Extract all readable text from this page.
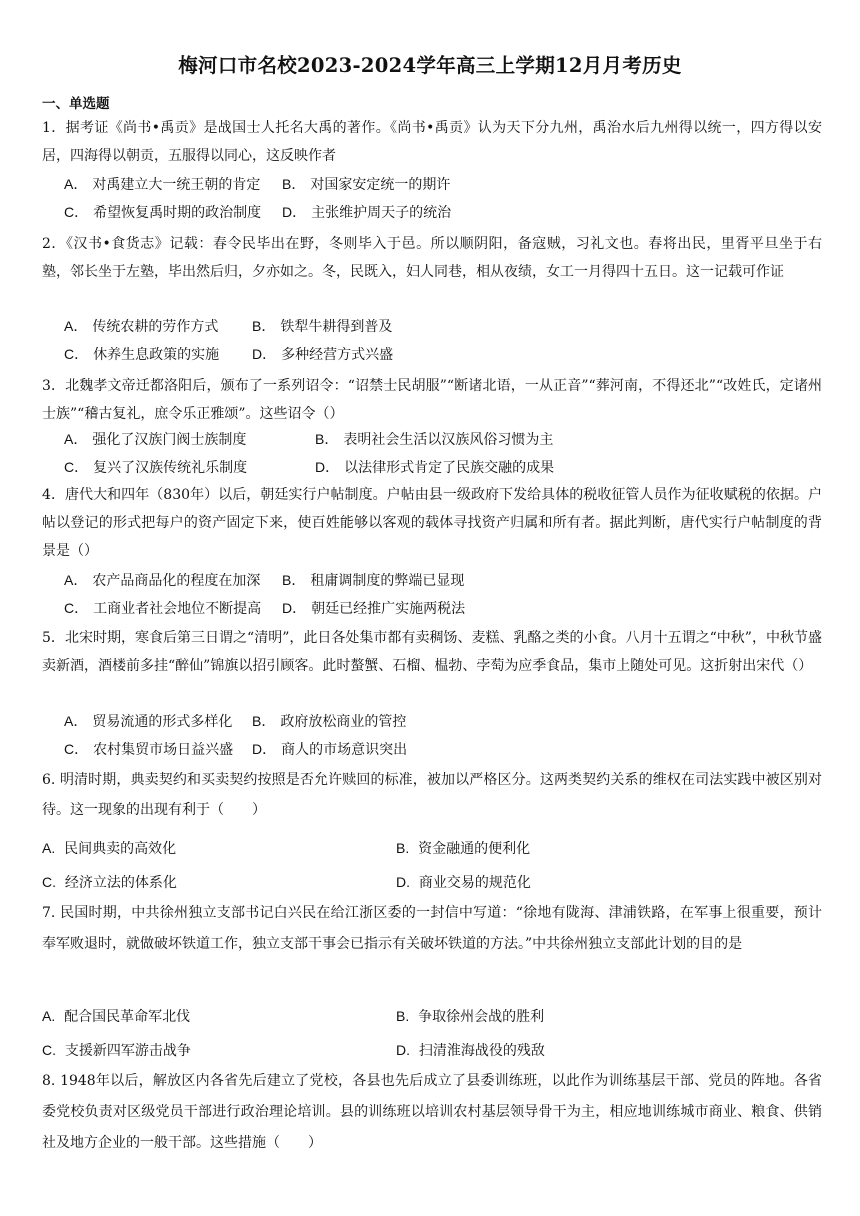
梅河口市名校2023-2024学年高三上学期12月月考历史
一、单选题
1．据考证《尚书•禹贡》是战国士人托名大禹的著作。《尚书•禹贡》认为天下分九州，禹治水后九州得以统一，四方得以安居，四海得以朝贡，五服得以同心，这反映作者
A． 对禹建立大一统王朝的肯定 B． 对国家安定统一的期许
C． 希望恢复禹时期的政治制度 D． 主张维护周天子的统治
2．《汉书•食货志》记载：春令民毕出在野，冬则毕入于邑。所以顺阴阳，备寇贼，习礼文也。春将出民，里胥平旦坐于右塾，邻长坐于左塾，毕出然后归，夕亦如之。冬，民既入，妇人同巷，相从夜绩，女工一月得四十五日。这一记载可作证
A． 传统农耕的劳作方式 B． 铁犁牛耕得到普及
C． 休养生息政策的实施 D． 多种经营方式兴盛
3．北魏孝文帝迁都洛阳后，颁布了一系列诏令：“诏禁士民胡服”“断诸北语，一从正音”“葬河南，不得还北”“改姓氏，定诸州士族”“稽古复礼，庶令乐正雅颂”。这些诏令（）
A． 强化了汉族门阀士族制度	B． 表明社会生活以汉族风俗习惯为主
C． 复兴了汉族传统礼乐制度	D． 以法律形式肯定了民族交融的成果
4．唐代大和四年（830年）以后，朝廷实行户帖制度。户帖由县一级政府下发给具体的税收征管人员作为征收赋税的依据。户帖以登记的形式把每户的资产固定下来，使百姓能够以客观的载体寻找资产归属和所有者。据此判断，唐代实行户帖制度的背景是（）
A． 农产品商品化的程度在加深 B． 租庸调制度的弊端已显现
C． 工商业者社会地位不断提高 D． 朝廷已经推广实施两税法
5．北宋时期，寒食后第三日谓之“清明”，此日各处集市都有卖稠饧、麦糕、乳酪之类的小食。八月十五谓之“中秋”，中秋节盛卖新酒，酒楼前多挂“醉仙”锦旗以招引顾客。此时螯蟹、石榴、榅勃、孛萄为应季食品，集市上随处可见。这折射出宋代（）
A． 贸易流通的形式多样化 B． 政府放松商业的管控
C． 农村集贸市场日益兴盛 D． 商人的市场意识突出
6. 明清时期，典卖契约和买卖契约按照是否允许赎回的标准，被加以严格区分。这两类契约关系的维权在司法实践中被区别对待。这一现象的出现有利于（　　）
A. 民间典卖的高效化	B. 资金融通的便利化
C. 经济立法的体系化	D. 商业交易的规范化
7. 民国时期，中共徐州独立支部书记白兴民在给江浙区委的一封信中写道：“徐地有陇海、津浦铁路，在军事上很重要，预计奉军败退时，就做破坏铁道工作，独立支部干事会已指示有关破坏铁道的方法。”中共徐州独立支部此计划的目的是
A. 配合国民革命军北伐	B. 争取徐州会战的胜利
C. 支援新四军游击战争	D. 扫清淮海战役的残敌
8. 1948年以后，解放区内各省先后建立了党校，各县也先后成立了县委训练班，以此作为训练基层干部、党员的阵地。各省委党校负责对区级党员干部进行政治理论培训。县的训练班以培训农村基层领导骨干为主，相应地训练城市商业、粮食、供销社及地方企业的一般干部。这些措施（　　）
